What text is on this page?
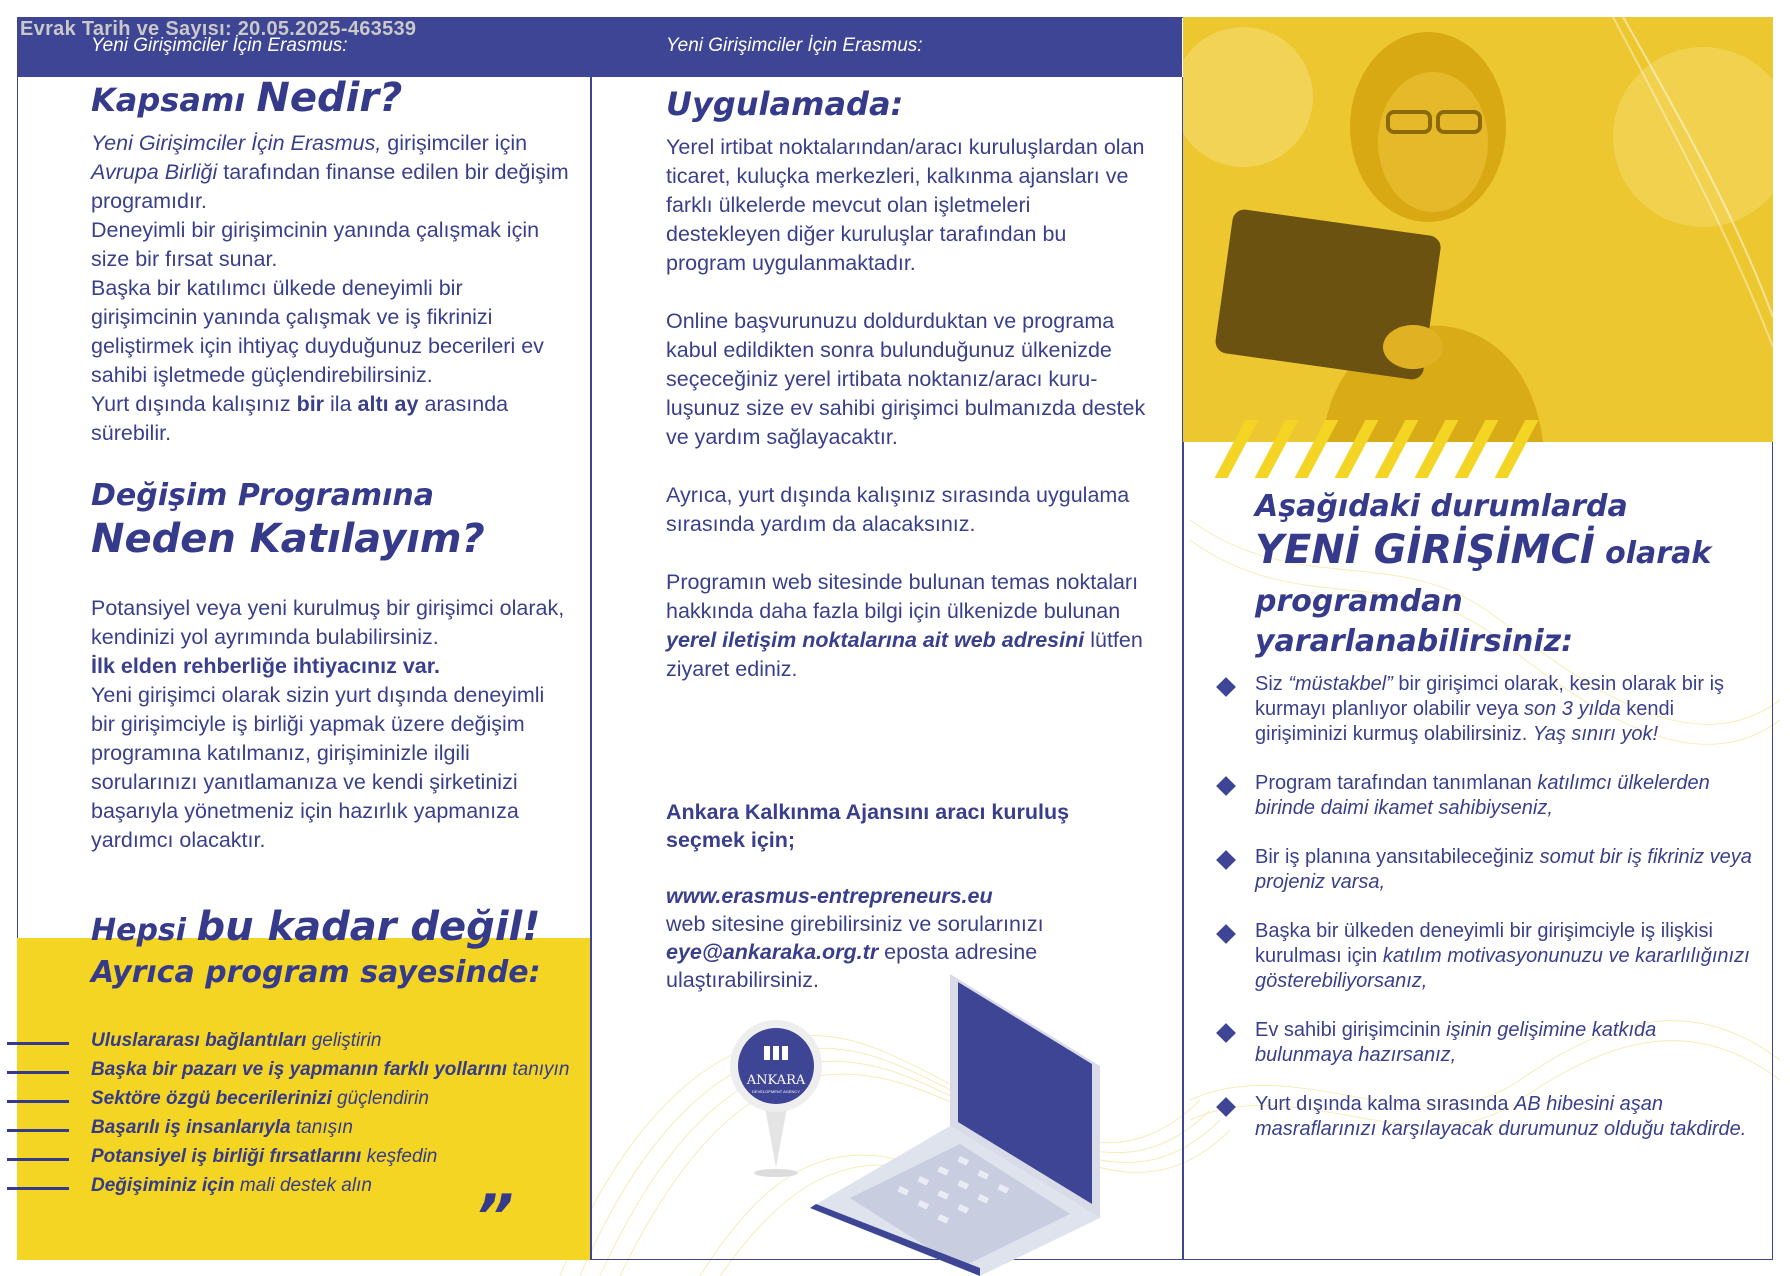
Evrak Tarih ve Sayısı: 20.05.2025-463539
Yeni Girişimciler İçin Erasmus:	Yeni Girişimciler İçin Erasmus:
Kapsamı Nedir?

Yeni Girişimciler İçin Erasmus, girişimciler için
Avrupa Birliği tarafından finanse edilen bir değişim programıdır.

Deneyimli bir girişimcinin yanında çalışmak için size bir fırsat sunar.

Başka bir katılımcı ülkede deneyimli bir girişimcinin yanında çalışmak ve iş fikrinizi geliştirmek için ihtiyaç duyduğunuz becerileri ev sahibi işletmede güçlendirebilirsiniz.

Yurt dışında kalışınız bir ila altı ay arasında sürebilir.

Değişim Programına
Neden Katılayım?

Potansiyel veya yeni kurulmuş bir girişimci olarak, kendinizi yol ayrımında bulabilirsiniz.

İlk elden rehberliğe ihtiyacınız var.

Yeni girişimci olarak sizin yurt dışında deneyimli bir girişimciyle iş birliği yapmak üzere değişim programına katılmanız, girişiminizle ilgili sorularınızı yanıtlamanıza ve kendi şirketinizi başarıyla yönetmeniz için hazırlık yapmanıza yardımcı olacaktır.

Hepsi bu kadar değil!
Ayrıca program sayesinde:
Uluslararası bağlantıları geliştirin
Başka bir pazarı ve iş yapmanın farklı yollarını tanıyın
Sektöre özgü becerilerinizi güçlendirin
Başarılı iş insanlarıyla tanışın
Potansiyel iş birliği fırsatlarını keşfedin
Değişiminiz için mali destek alın	”
Uygulamada:

Yerel irtibat noktalarından/aracı kuruluşlardan olan ticaret, kuluçka merkezleri, kalkınma ajansları ve farklı ülkelerde mevcut olan işletmeleri destekleyen diğer kuruluşlar tarafından bu program uygulanmaktadır.

Online başvurunuzu doldurduktan ve programa kabul edildikten sonra bulunduğunuz ülkenizde seçeceğiniz yerel irtibata noktanız/aracı kuru-luşunuz size ev sahibi girişimci bulmanızda destek ve yardım sağlayacaktır.

Ayrıca, yurt dışında kalışınız sırasında uygulama sırasında yardım da alacaksınız.

Programın web sitesinde bulunan temas noktaları hakkında daha fazla bilgi için ülkenizde bulunan yerel iletişim noktalarına ait web adresini lütfen ziyaret ediniz.

Ankara Kalkınma Ajansını aracı kuruluş seçmek için;

www.erasmus-entrepreneurs.eu
web sitesine girebilirsiniz ve sorularınızı
eye@ankaraka.org.tr eposta adresine ulaştırabilirsiniz.
ANKARA
DEVELOPMENT AGENCY
Aşağıdaki durumlarda
YENİ GİRİŞİMCİ olarak
programdan yararlanabilirsiniz:
Siz “müstakbel” bir girişimci olarak, kesin olarak bir iş kurmayı planlıyor olabilir veya son 3 yılda kendi girişiminizi kurmuş olabilirsiniz. Yaş sınırı yok!
Program tarafından tanımlanan katılımcı ülkelerden birinde daimi ikamet sahibiyseniz,
Bir iş planına yansıtabileceğiniz somut bir iş fikriniz veya projeniz varsa,
Başka bir ülkeden deneyimli bir girişimciyle iş ilişkisi kurulması için katılım motivasyonunuzu ve kararlılığınızı gösterebiliyorsanız,
Ev sahibi girişimcinin işinin gelişimine katkıda bulunmaya hazırsanız,
Yurt dışında kalma sırasında AB hibesini aşan masraflarınızı karşılayacak durumunuz olduğu takdirde.
